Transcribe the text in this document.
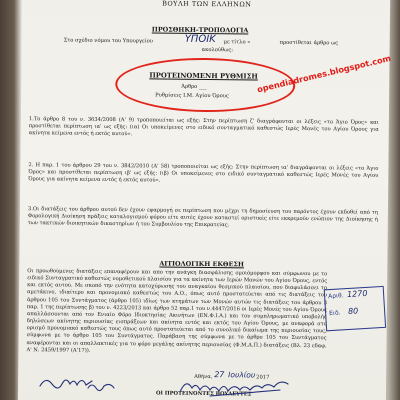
ΒΟΥΛΗ ΤΩΝ ΕΛΛΗΝΩΝ
ΠΡΟΣΘΗΚΗ-ΤΡΟΠΟΛΟΓΙΑ
Στο σχέδιο νόμου του Υπουργείου	ΥΠΟΙΚ με τίτλο «	προστίθεται άρθρο ως
ακολούθως:
ΠΡΟΤΕΙΝΟΜΕΝΗ ΡΥΘΜΙΣΗ
Άρθρο ___
Ρυθμίσεις Ι.Μ. Αγίου Όρους
opendiadromes.blogspot.com
1.Το άρθρο 8 του ν. 3634/2008 (Α' 9) τροποποιείται ως εξής: Στην περίπτωση ζ' διαγράφονται οι λέξεις «το Άγιο Όρος» και προστίθεται περίπτωση ια' ως εξής: (ια) Οι υποκείμενες στο ειδικό συνταγματικό καθεστώς Ιερές Μονές του Αγίου Όρους για ακίνητα κείμενα εντός ή εκτός αυτού».
2. Η παρ. 1 του άρθρου 29 του ν. 3842/2010 (Α' 58) τροποποιείται ως εξής: Στην περίπτωση ια' διαγράφονται οι λέξεις «το Άγιο Όρος» και προστίθεται περίπτωση ιβ' ως εξής: (ιβ) Οι υποκείμενες στο ειδικό συνταγματικό καθεστώς Ιερές Μονές του Αγίου Όρους για ακίνητα κείμενα εντός ή εκτός αυτού».
3.Οι διατάξεις του άρθρου αυτού δεν έχουν εφαρμογή σε περίπτωση που μέχρι τη δημοσίευση του παρόντος έχουν εκδοθεί από τη Φορολογική Διοίκηση πράξεις καταλογισμού φόρου είτε αυτές έχουν καταστεί οριστικές είτε εκκρεμούν ενώπιον της Διοίκησης ή των τακτικών διοικητικών δικαστηρίων ή του Συμβουλίου της Επικρατείας.
ΑΙΤΙΟΛΟΓΙΚΗ ΕΚΘΕΣΗ
Οι προωθούμενες διατάξεις επαναφέρουν και απο την ανάγκη διασφάλισης ομοιόμορφου και σύμφωνου με το ειδικό Συνταγματικό καθεστώς νομοθετικού πλαισίου για τα ακίνητα των Ιερών Μονών του Αγίου Όρους, εντός και εκτός αυτού. Με σκοπό την ενότητα κατοχύρωσης του αναγκαίου θεσμικού πλαισίου, που διαφυλάσσει το αμετάκινο, ιδιαίτερο και προνομιακό καθεστώς του Α.Ο., όπως αυτό προστατεύεται από τις διατάξεις του άρθρου 105 του Συντάγματος (άρθρο 105) ιδίως των κτημάτων των Μονών αυτών τις διατάξεις του άρθρου 3 παρ. 1 της περίπτωσης β) του ν. 4223/2013 και άρθρο 52 παρ.1 του ν.4447/2016 οι Ιερές Μονές του Αγίου Όρους απαλλάσσονται από τον Ενιαίο Φόρο Ιδιοκτησίας Ακινήτων (ΕΝ.Φ.Ι.Α.) και τον συμπληρωματικό υποβολής δηλώσεων ακίνητης περιουσίας εισπράξεων και ακίνητα εντός και εκτός του Αγίου Όρους, με αναφορά στο ορισμό προνομιακό καθεστώς τους όπως αυτό προστατεύεται από το συνολικό δικαίωμα της περιουσίας τους, σύμφωνα με το άρθρο 105 του Συντάγματος. Παράβαση της σύμφωνα με το άρθρο 105 του Συντάγματος αναφέρονται και οι απαλλακτικές για το φόρο μεγάλης ακίνητης περιουσίας (Φ.Μ.Α.Π.) διατάξεις (Βλ. 23 εδαφ. Α' Ν. 2459/1997 (Α'17)).
Αριθ. 1270
Ειδ. 80
Αθήνα, 27 Ιουλίου 2017
ΟΙ ΠΡΟΤΕΙΝΟΝΤΕΣ ΒΟΥΛΕΥΤΕΣ
